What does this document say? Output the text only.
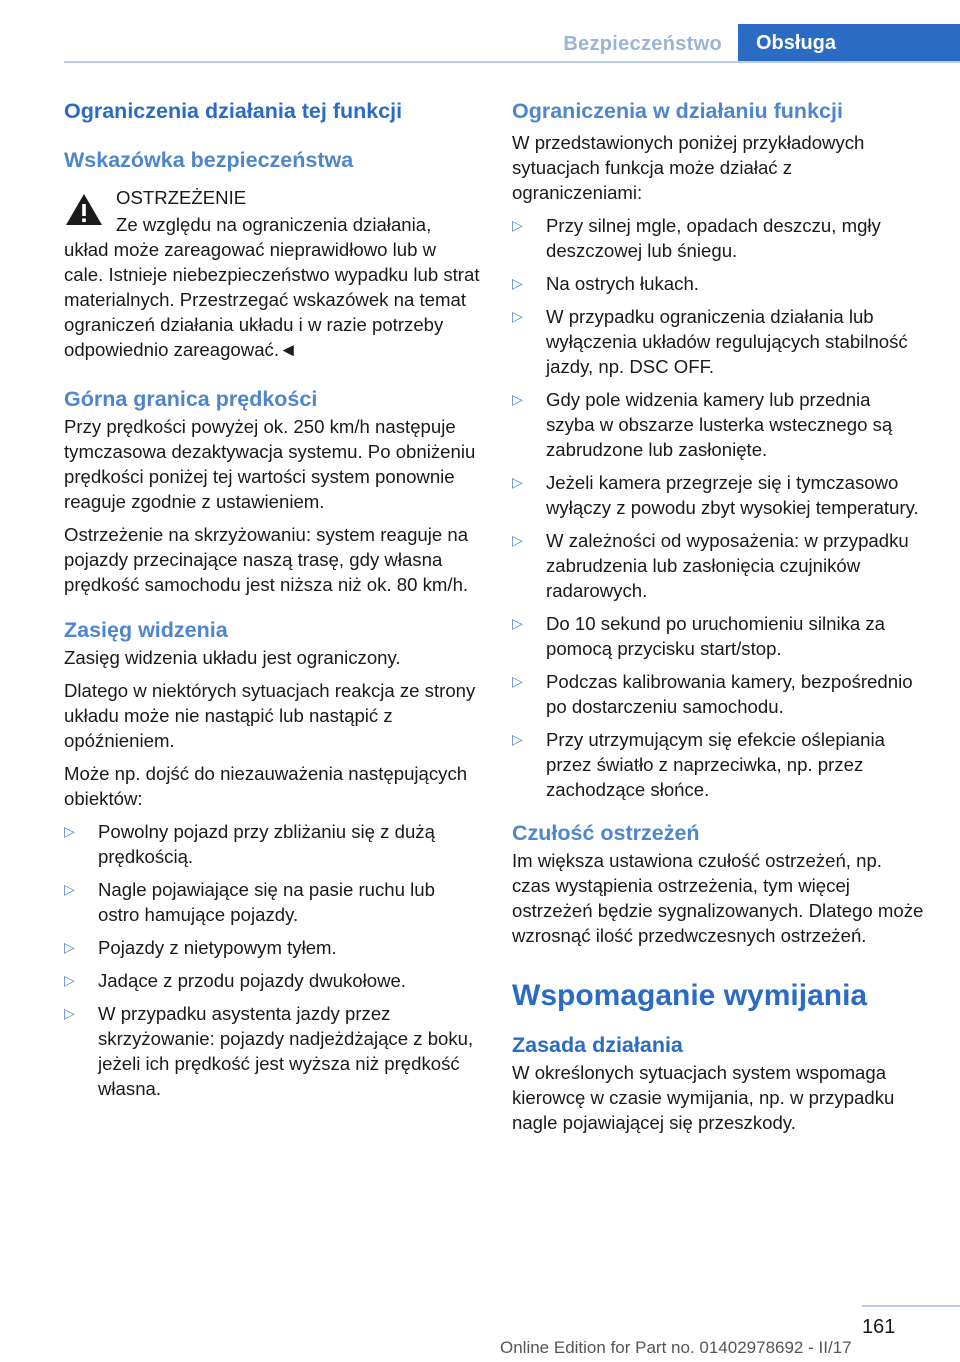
Bezpieczeństwo	Obsługa
Ograniczenia działania tej funkcji
Wskazówka bezpieczeństwa
OSTRZEŻENIE
Ze względu na ograniczenia działania, układ może zareagować nieprawidłowo lub w cale. Istnieje niebezpieczeństwo wypadku lub strat materialnych. Przestrzegać wskazówek na temat ograniczeń działania układu i w razie potrzeby odpowiednio zareagować.◄
Górna granica prędkości
Przy prędkości powyżej ok. 250 km/h następuje tymczasowa dezaktywacja systemu. Po obniżeniu prędkości poniżej tej wartości system ponownie reaguje zgodnie z ustawieniem.
Ostrzeżenie na skrzyżowaniu: system reaguje na pojazdy przecinające naszą trasę, gdy własna prędkość samochodu jest niższa niż ok. 80 km/h.
Zasięg widzenia
Zasięg widzenia układu jest ograniczony.
Dlatego w niektórych sytuacjach reakcja ze strony układu może nie nastąpić lub nastąpić z opóźnieniem.
Może np. dojść do niezauważenia następujących obiektów:
▷ Powolny pojazd przy zbliżaniu się z dużą prędkością.
▷ Nagle pojawiające się na pasie ruchu lub ostro hamujące pojazdy.
▷ Pojazdy z nietypowym tyłem.
▷ Jadące z przodu pojazdy dwukołowe.
▷ W przypadku asystenta jazdy przez skrzyżowanie: pojazdy nadjeżdżające z boku, jeżeli ich prędkość jest wyższa niż prędkość własna.
Ograniczenia w działaniu funkcji
W przedstawionych poniżej przykładowych sytuacjach funkcja może działać z ograniczeniami:
▷ Przy silnej mgle, opadach deszczu, mgły deszczowej lub śniegu.
▷ Na ostrych łukach.
▷ W przypadku ograniczenia działania lub wyłączenia układów regulujących stabilność jazdy, np. DSC OFF.
▷ Gdy pole widzenia kamery lub przednia szyba w obszarze lusterka wstecznego są zabrudzone lub zasłonięte.
▷ Jeżeli kamera przegrzeje się i tymczasowo wyłączy z powodu zbyt wysokiej temperatury.
▷ W zależności od wyposażenia: w przypadku zabrudzenia lub zasłonięcia czujników radarowych.
▷ Do 10 sekund po uruchomieniu silnika za pomocą przycisku start/stop.
▷ Podczas kalibrowania kamery, bezpośrednio po dostarczeniu samochodu.
▷ Przy utrzymującym się efekcie oślepiania przez światło z naprzeciwka, np. przez zachodzące słońce.
Czułość ostrzeżeń
Im większa ustawiona czułość ostrzeżeń, np. czas wystąpienia ostrzeżenia, tym więcej ostrzeżeń będzie sygnalizowanych. Dlatego może wzrosnąć ilość przedwczesnych ostrzeżeń.
Wspomaganie wymijania
Zasada działania
W określonych sytuacjach system wspomaga kierowcę w czasie wymijania, np. w przypadku nagle pojawiającej się przeszkody.
161
Online Edition for Part no. 01402978692 - II/17
